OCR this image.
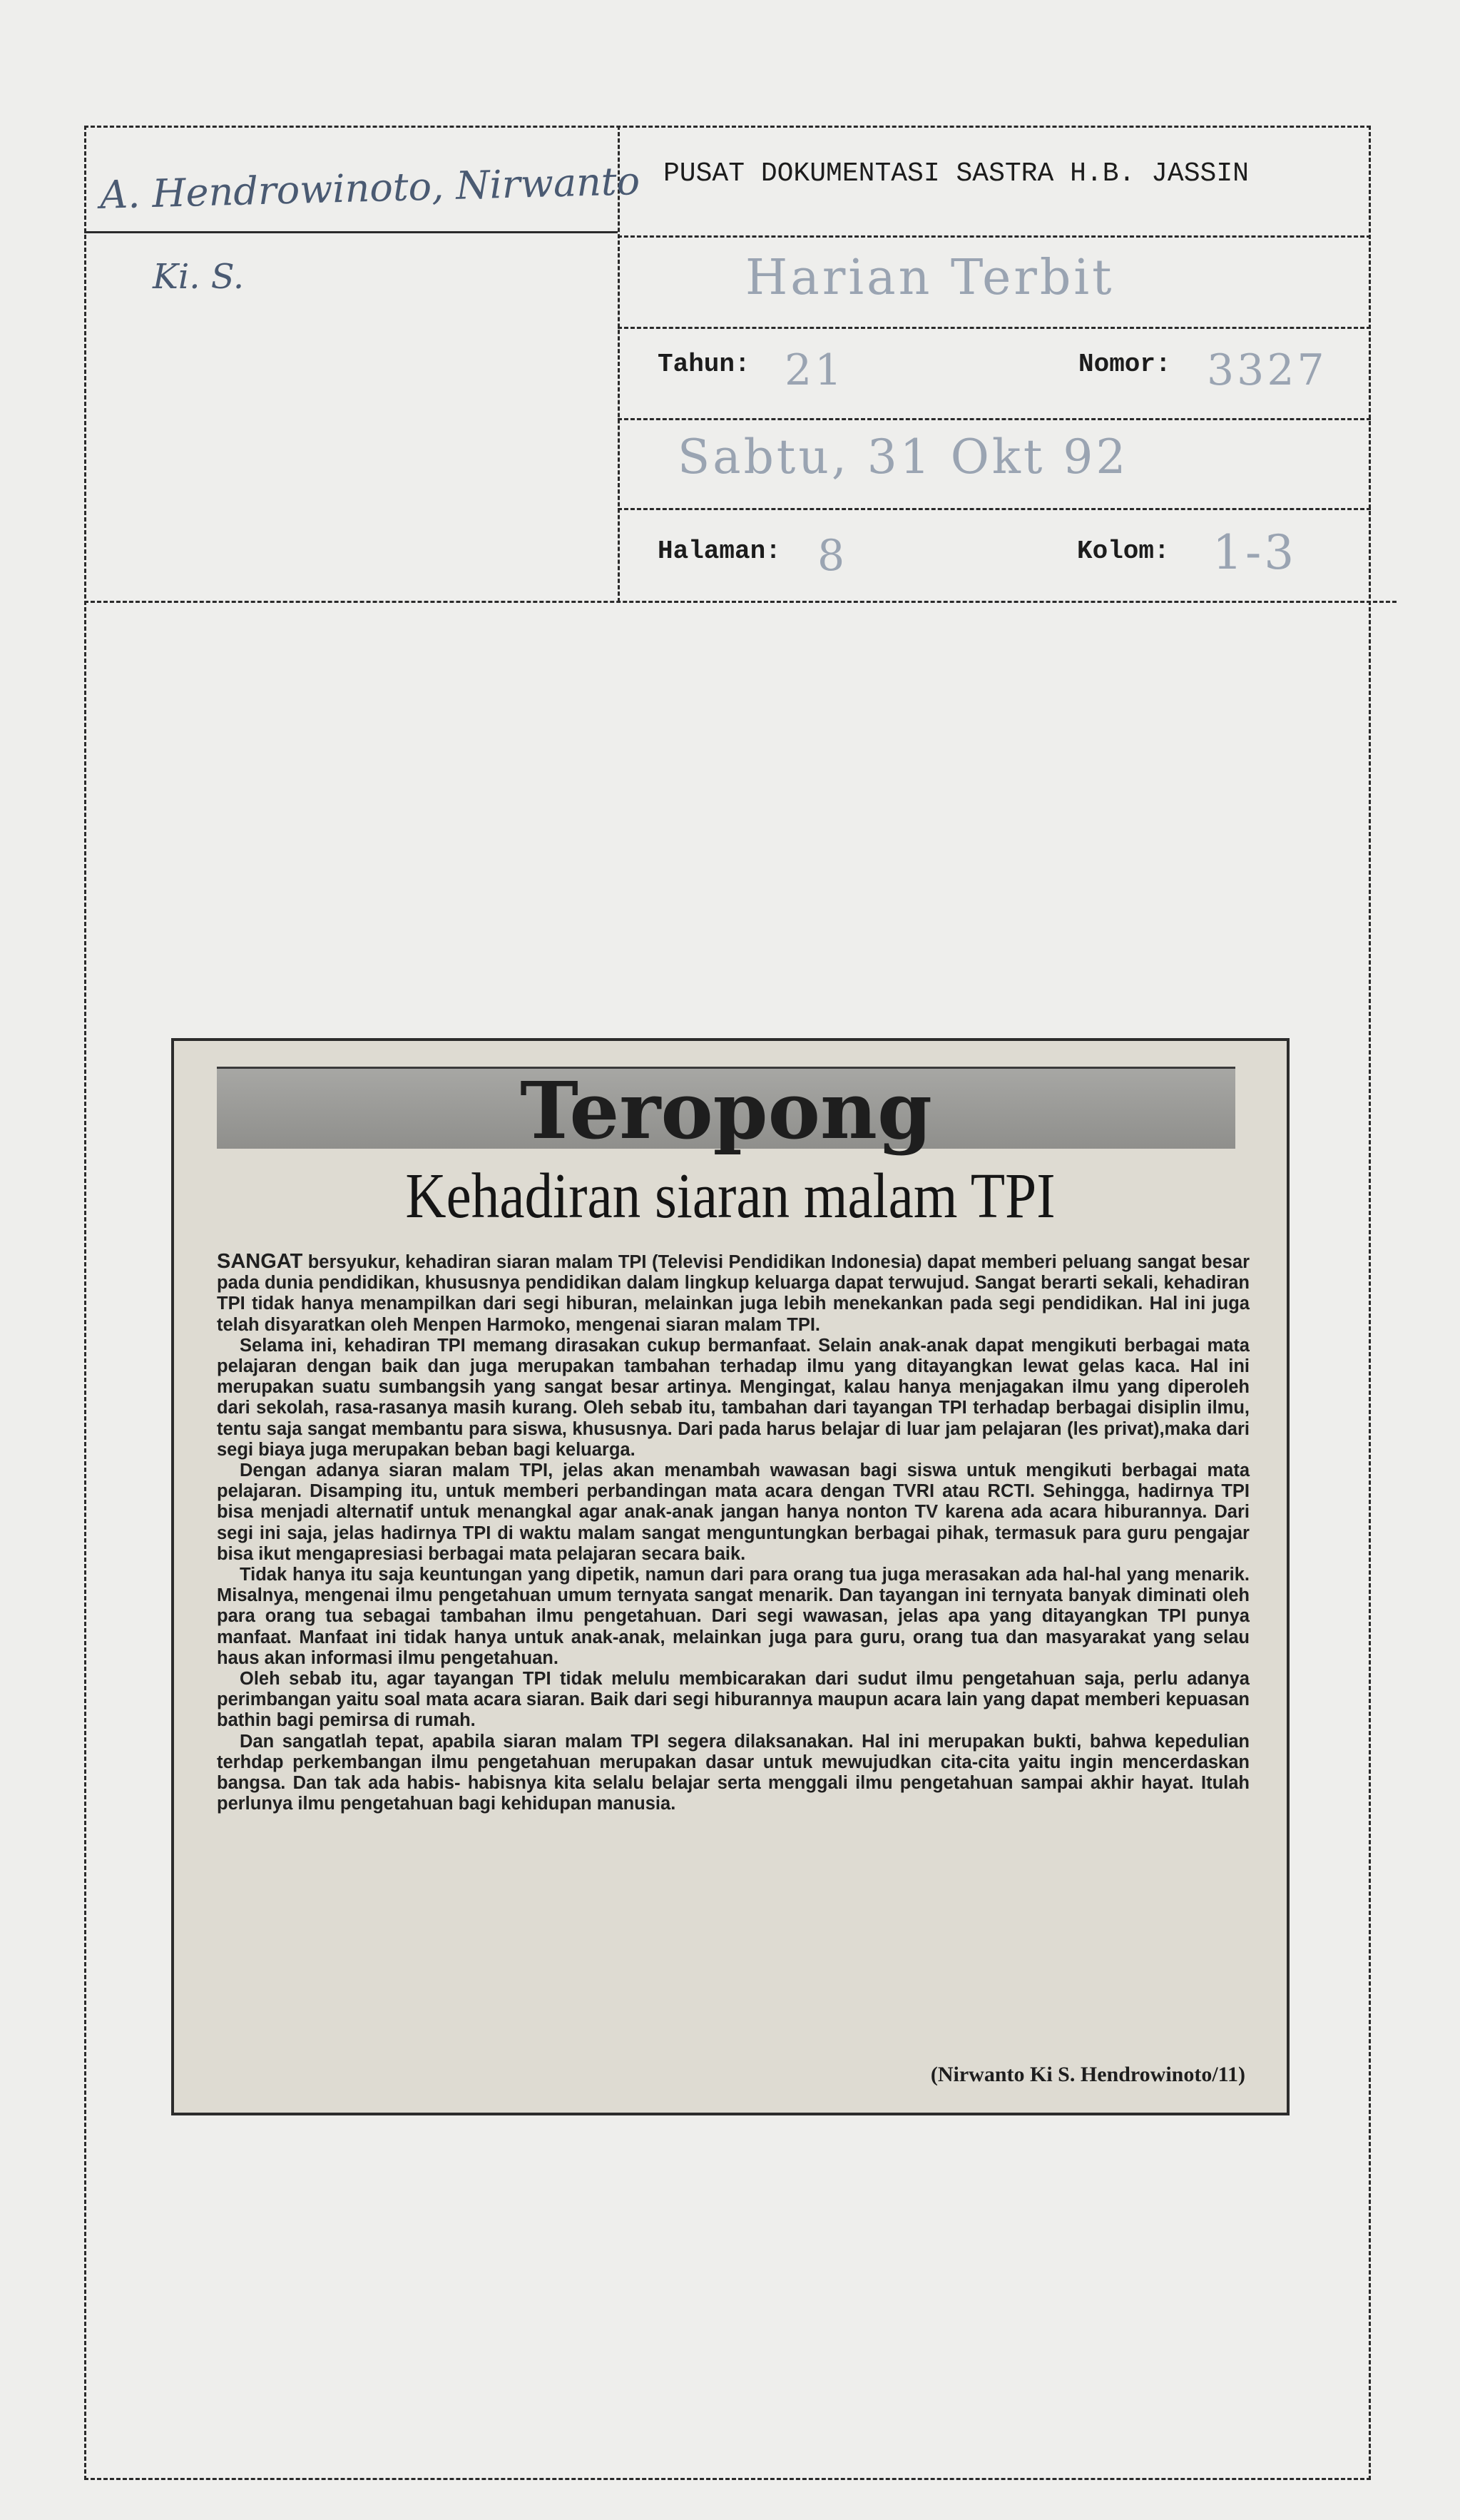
A. Hendrowinoto, Nirwanto
Ki. S.
PUSAT DOKUMENTASI SASTRA H.B. JASSIN
Harian Terbit
Tahun: 21	Nomor: 3327
Sabtu, 31 Okt 92
Halaman: 8	Kolom: 1-3
Teropong
Kehadiran siaran malam TPI

SANGAT bersyukur, kehadiran siaran malam TPI (Televisi Pendidikan Indonesia) dapat memberi peluang sangat besar pada dunia pendidikan, khususnya pendidikan dalam lingkup keluarga dapat terwujud. Sangat berarti sekali, kehadiran TPI tidak hanya menampilkan dari segi hiburan, melainkan juga lebih menekankan pada segi pendidikan. Hal ini juga telah disyaratkan oleh Menpen Harmoko, mengenai siaran malam TPI.

Selama ini, kehadiran TPI memang dirasakan cukup bermanfaat. Selain anak-anak dapat mengikuti berbagai mata pelajaran dengan baik dan juga merupakan tambahan terhadap ilmu yang ditayangkan lewat gelas kaca. Hal ini merupakan suatu sumbangsih yang sangat besar artinya. Mengingat, kalau hanya menjagakan ilmu yang diperoleh dari sekolah, rasa-rasanya masih kurang. Oleh sebab itu, tambahan dari tayangan TPI terhadap berbagai disiplin ilmu, tentu saja sangat membantu para siswa, khususnya. Dari pada harus belajar di luar jam pelajaran (les privat),maka dari segi biaya juga merupakan beban bagi keluarga.

Dengan adanya siaran malam TPI, jelas akan menambah wawasan bagi siswa untuk mengikuti berbagai mata pelajaran. Disamping itu, untuk memberi perbandingan mata acara dengan TVRI atau RCTI. Sehingga, hadirnya TPI bisa menjadi alternatif untuk menangkal agar anak-anak jangan hanya nonton TV karena ada acara hiburannya. Dari segi ini saja, jelas hadirnya TPI di waktu malam sangat menguntungkan berbagai pihak, termasuk para guru pengajar bisa ikut mengapresiasi berbagai mata pelajaran secara baik.

Tidak hanya itu saja keuntungan yang dipetik, namun dari para orang tua juga merasakan ada hal-hal yang menarik. Misalnya, mengenai ilmu pengetahuan umum ternyata sangat menarik. Dan tayangan ini ternyata banyak diminati oleh para orang tua sebagai tambahan ilmu pengetahuan. Dari segi wawasan, jelas apa yang ditayangkan TPI punya manfaat. Manfaat ini tidak hanya untuk anak-anak, melainkan juga para guru, orang tua dan masyarakat yang selau haus akan informasi ilmu pengetahuan.

Oleh sebab itu, agar tayangan TPI tidak melulu membicarakan dari sudut ilmu pengetahuan saja, perlu adanya perimbangan yaitu soal mata acara siaran. Baik dari segi hiburannya maupun acara lain yang dapat memberi kepuasan bathin bagi pemirsa di rumah.

Dan sangatlah tepat, apabila siaran malam TPI segera dilaksanakan. Hal ini merupakan bukti, bahwa kepedulian terhdap perkembangan ilmu pengetahuan merupakan dasar untuk mewujudkan cita-cita yaitu ingin mencerdaskan bangsa. Dan tak ada habis- habisnya kita selalu belajar serta menggali ilmu pengetahuan sampai akhir hayat. Itulah perlunya ilmu pengetahuan bagi kehidupan manusia.

(Nirwanto Ki S. Hendrowinoto/11)
